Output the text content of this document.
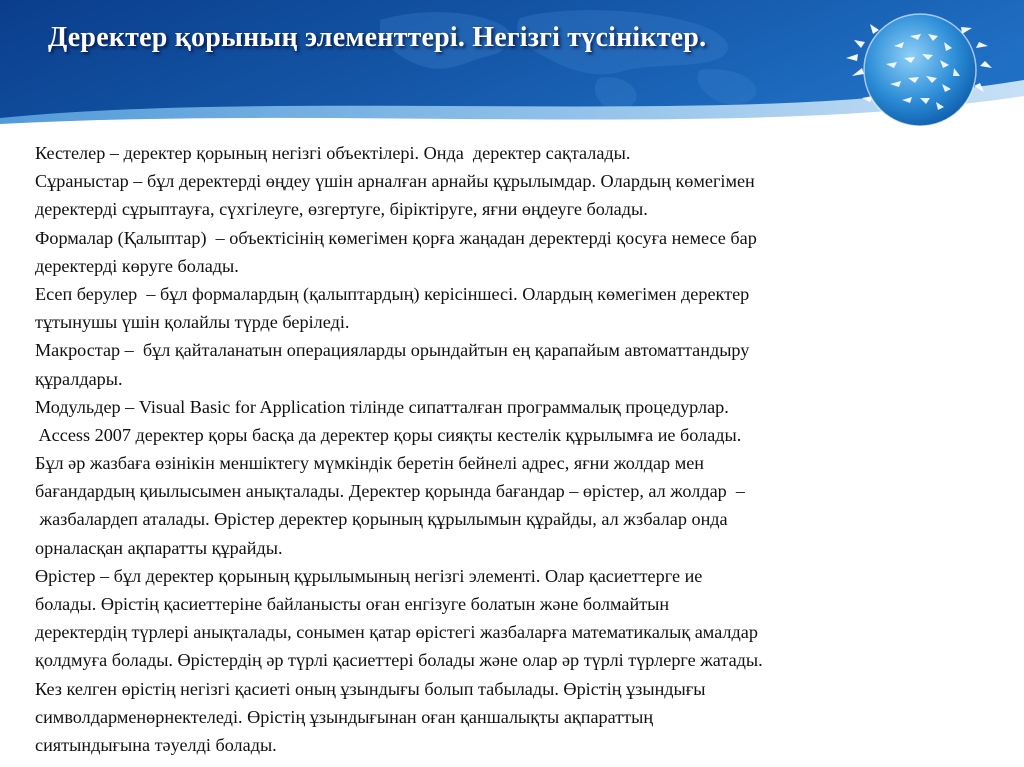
Деректер қорының элементтері. Негізгі түсініктер.
Кестелер – деректер қорының негізгі объектілері. Онда  деректер сақталады.
Сұраныстар – бұл деректерді өңдеу үшін арналған арнайы құрылымдар. Олардың көмегімен
деректерді сұрыптауға, сүхгілеуге, өзгертуге, біріктіруге, яғни өңдеуге болады.
Формалар (Қалыптар)  – объектісінің көмегімен қорға жаңадан деректерді қосуға немесе бар
деректерді көруге болады.
Есеп берулер  – бұл формалардың (қалыптардың) керісіншесі. Олардың көмегімен деректер
тұтынушы үшін қолайлы түрде беріледі.
Макростар –  бұл қайталанатын операцияларды орындайтын ең қарапайым автоматтандыру
құралдары.
Модульдер – Visual Basic for Application тілінде сипатталған программалық процедурлар.
Access 2007 деректер қоры басқа да деректер қоры сияқты кестелік құрылымға ие болады.
Бұл әр жазбаға өзінікін меншіктегу мүмкіндік беретін бейнелі адрес, яғни жолдар мен
бағандардың қиылысымен анықталады. Деректер қорында бағандар – өрістер, ал жолдар  –
жазбалардеп аталады. Өрістер деректер қорының құрылымын құрайды, ал жзбалар онда
орналасқан ақпаратты құрайды.
Өрістер – бұл деректер қорының құрылымының негізгі элементі. Олар қасиеттерге ие
болады. Өрістің қасиеттеріне байланысты оған енгізуге болатын және болмайтын
деректердің түрлері анықталады, сонымен қатар өрістегі жазбаларға математикалық амалдар
қолдмуға болады. Өрістердің әр түрлі қасиеттері болады және олар әр түрлі түрлерге жатады.
Кез келген өрістің негізгі қасиеті оның ұзындығы болып табылады. Өрістің ұзындығы
символдарменөрнектеледі. Өрістің ұзындығынан оған қаншалықты ақпараттың
сиятындығына тәуелді болады.
